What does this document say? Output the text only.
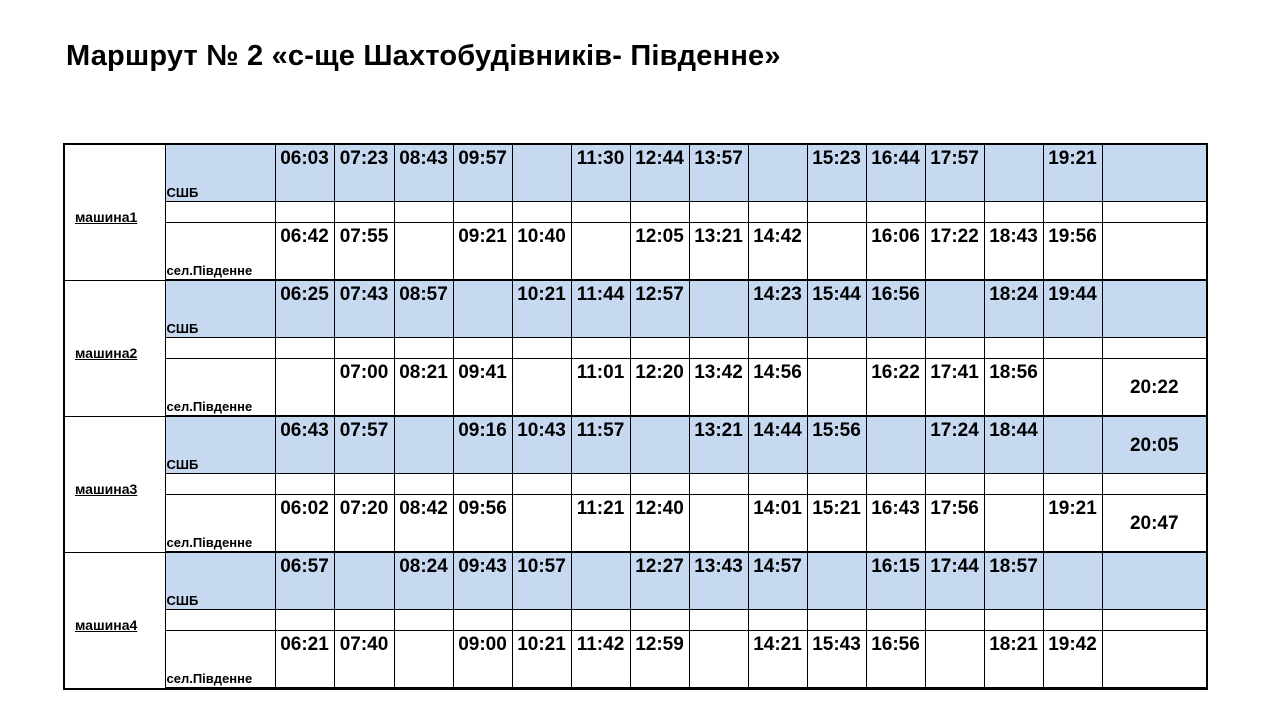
Маршрут № 2 «с-ще Шахтобудівників- Південне»
машина1	СШБ	06:03	07:23	08:43	09:57		11:30	12:44	13:57		15:23	16:44	17:57		19:21	

	сел.Південне	06:42	07:55		09:21	10:40		12:05	13:21	14:42		16:06	17:22	18:43	19:56	

машина2	СШБ	06:25	07:43	08:57		10:21	11:44	12:57		14:23	15:44	16:56		18:24	19:44	

	сел.Південне		07:00	08:21	09:41		11:01	12:20	13:42	14:56		16:22	17:41	18:56		20:22

машина3	СШБ	06:43	07:57		09:16	10:43	11:57		13:21	14:44	15:56		17:24	18:44		20:05

	сел.Південне	06:02	07:20	08:42	09:56		11:21	12:40		14:01	15:21	16:43	17:56		19:21	20:47

машина4	СШБ	06:57		08:24	09:43	10:57		12:27	13:43	14:57		16:15	17:44	18:57		

	сел.Південне	06:21	07:40		09:00	10:21	11:42	12:59		14:21	15:43	16:56		18:21	19:42	
